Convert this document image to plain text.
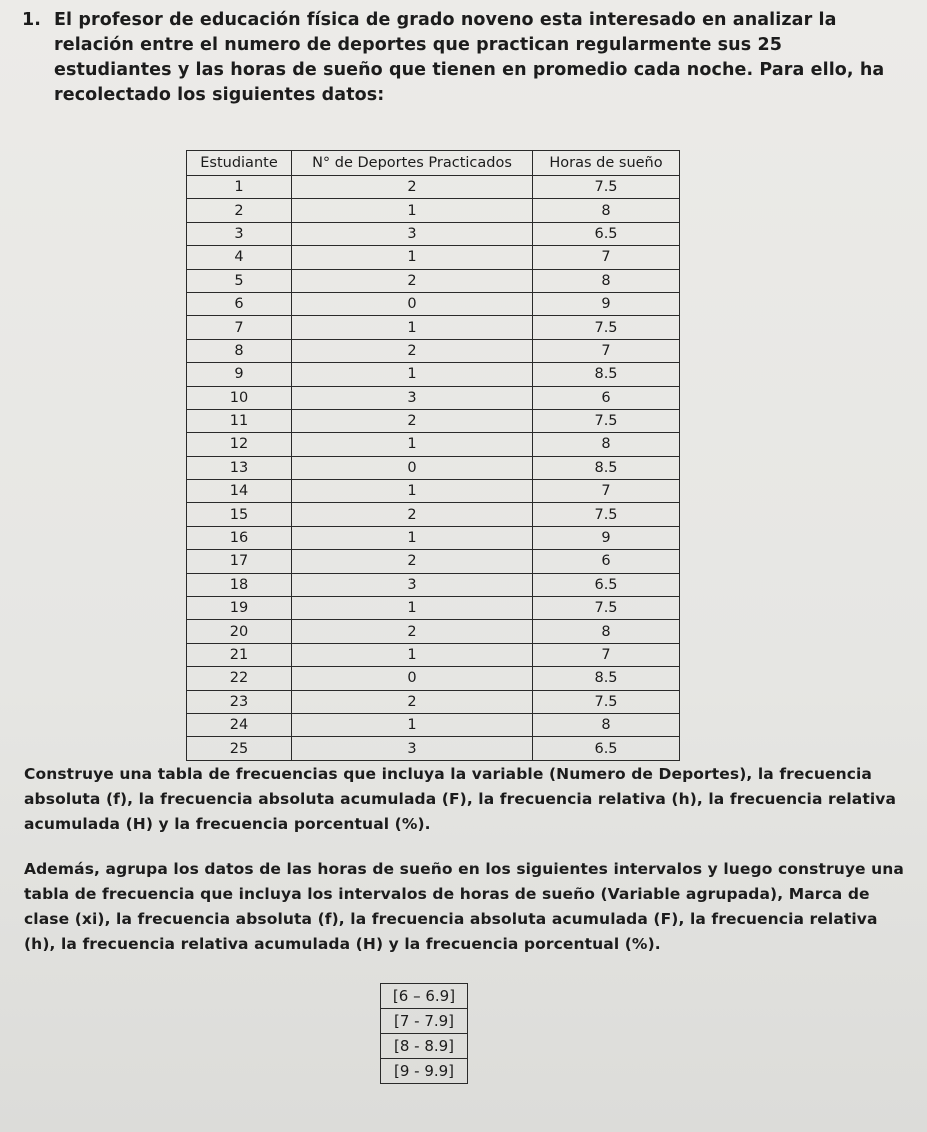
1. El profesor de educación física de grado noveno esta interesado en analizar la relación entre el numero de deportes que practican regularmente sus 25 estudiantes y las horas de sueño que tienen en promedio cada noche. Para ello, ha recolectado los siguientes datos:
Estudiante	N° de Deportes Practicados	Horas de sueño
1	2	7.5
2	1	8
3	3	6.5
4	1	7
5	2	8
6	0	9
7	1	7.5
8	2	7
9	1	8.5
10	3	6
11	2	7.5
12	1	8
13	0	8.5
14	1	7
15	2	7.5
16	1	9
17	2	6
18	3	6.5
19	1	7.5
20	2	8
21	1	7
22	0	8.5
23	2	7.5
24	1	8
25	3	6.5
Construye una tabla de frecuencias que incluya la variable (Numero de Deportes), la frecuencia absoluta (f), la frecuencia absoluta acumulada (F), la frecuencia relativa (h), la frecuencia relativa acumulada (H) y la frecuencia porcentual (%).
Además, agrupa los datos de las horas de sueño en los siguientes intervalos y luego construye una tabla de frecuencia que incluya los intervalos de horas de sueño (Variable agrupada), Marca de clase (xi), la frecuencia absoluta (f), la frecuencia absoluta acumulada (F), la frecuencia relativa (h), la frecuencia relativa acumulada (H) y la frecuencia porcentual (%).
[6 – 6.9]
[7 - 7.9]
[8 - 8.9]
[9 - 9.9]
